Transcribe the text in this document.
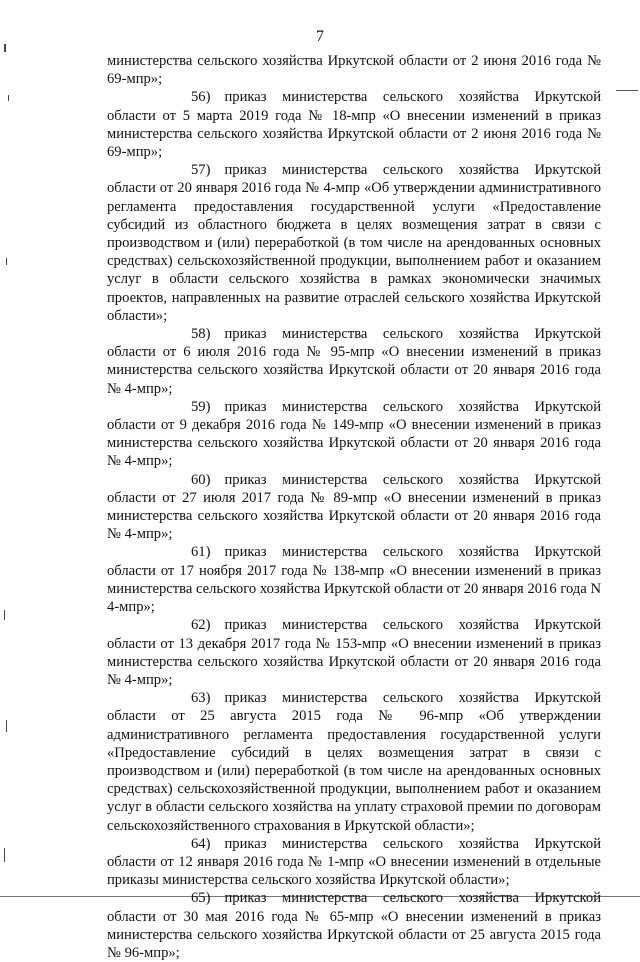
7

министерства сельского хозяйства Иркутской области от 2 июня 2016 года № 69-мпр»;

56) приказ министерства сельского хозяйства Иркутской области от 5 марта 2019 года № 18-мпр «О внесении изменений в приказ министерства сельского хозяйства Иркутской области от 2 июня 2016 года № 69-мпр»;

57) приказ министерства сельского хозяйства Иркутской области от 20 января 2016 года № 4-мпр «Об утверждении административного регламента предоставления государственной услуги «Предоставление субсидий из областного бюджета в целях возмещения затрат в связи с производством и (или) переработкой (в том числе на арендованных основных средствах) сельскохозяйственной продукции, выполнением работ и оказанием услуг в области сельского хозяйства в рамках экономически значимых проектов, направленных на развитие отраслей сельского хозяйства Иркутской области»;

58) приказ министерства сельского хозяйства Иркутской области от 6 июля 2016 года № 95-мпр «О внесении изменений в приказ министерства сельского хозяйства Иркутской области от 20 января 2016 года № 4-мпр»;

59) приказ министерства сельского хозяйства Иркутской области от 9 декабря 2016 года № 149-мпр «О внесении изменений в приказ министерства сельского хозяйства Иркутской области от 20 января 2016 года № 4-мпр»;

60) приказ министерства сельского хозяйства Иркутской области от 27 июля 2017 года № 89-мпр «О внесении изменений в приказ министерства сельского хозяйства Иркутской области от 20 января 2016 года № 4-мпр»;

61) приказ министерства сельского хозяйства Иркутской области от 17 ноября 2017 года № 138-мпр «О внесении изменений в приказ министерства сельского хозяйства Иркутской области от 20 января 2016 года N 4-мпр»;

62) приказ министерства сельского хозяйства Иркутской области от 13 декабря 2017 года № 153-мпр «О внесении изменений в приказ министерства сельского хозяйства Иркутской области от 20 января 2016 года № 4-мпр»;

63) приказ министерства сельского хозяйства Иркутской области от 25 августа 2015 года № 96-мпр «Об утверждении административного регламента предоставления государственной услуги «Предоставление субсидий в целях возмещения затрат в связи с производством и (или) переработкой (в том числе на арендованных основных средствах) сельскохозяйственной продукции, выполнением работ и оказанием услуг в области сельского хозяйства на уплату страховой премии по договорам сельскохозяйственного страхования в Иркутской области»;

64) приказ министерства сельского хозяйства Иркутской области от 12 января 2016 года № 1-мпр «О внесении изменений в отдельные приказы министерства сельского хозяйства Иркутской области»;

65) приказ министерства сельского хозяйства Иркутской области от 30 мая 2016 года № 65-мпр «О внесении изменений в приказ министерства сельского хозяйства Иркутской области от 25 августа 2015 года № 96-мпр»;
